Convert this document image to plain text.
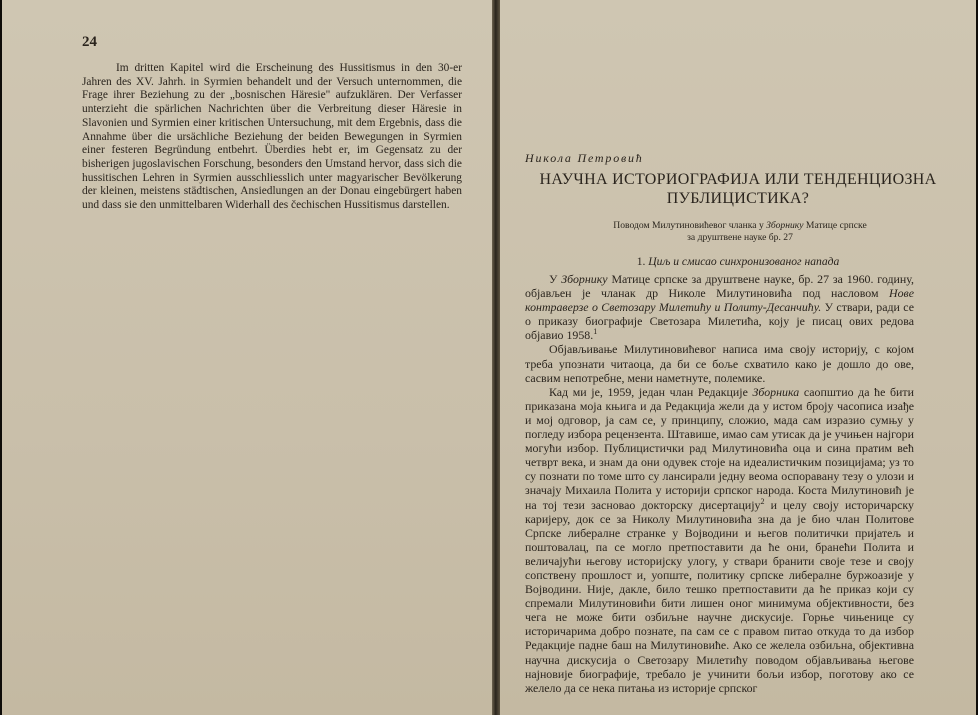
24

Im dritten Kapitel wird die Erscheinung des Hussitismus in den 30-er Jahren des XV. Jahrh. in Syrmien behandelt und der Versuch unternommen, die Frage ihrer Beziehung zu der „bosnischen Häresie" aufzuklären. Der Verfasser unterzieht die spärlichen Nachrichten über die Verbreitung dieser Häresie in Slavonien und Syrmien einer kritischen Untersuchung, mit dem Ergebnis, dass die Annahme über die ursächliche Beziehung der beiden Bewegungen in Syrmien einer festeren Begründung entbehrt. Überdies hebt er, im Gegensatz zu der bisherigen jugoslavischen Forschung, besonders den Umstand hervor, dass sich die hussitischen Lehren in Syrmien ausschliesslich unter magyarischer Bevölkerung der kleinen, meistens städtischen, Ansiedlungen an der Donau eingebürgert haben und dass sie den unmittelbaren Widerhall des čechischen Hussitismus darstellen.

Никола Петровић
НАУЧНА ИСТОРИОГРАФИЈА ИЛИ ТЕНДЕНЦИОЗНА
ПУБЛИЦИСТИКА?
Поводом Милутиновићевог чланка у Зборнику Матице српске
за друштвене науке бр. 27
1. Циљ и смисао синхронизованог напада

У Зборнику Матице српске за друштвене науке, бр. 27 за 1960. годину, објављен је чланак др Николе Милутиновића под насловом Нове контраверзе о Светозару Милетићу и Политу-Десанчићу. У ствари, ради се о приказу биографије Светозара Милетића, коју је писац ових редова објавио 1958.$^1$

Објављивање Милутиновићевог написа има своју историју, с којом треба упознати читаоца, да би се боље схватило како је дошло до ове, сасвим непотребне, мени наметнуте, полемике.

Кад ми је, 1959, један члан Редакције Зборника саопштио да ће бити приказана моја књига и да Редакција жели да у истом броју часописа изађе и мој одговор, ја сам се, у принципу, сложио, мада сам изразио сумњу у погледу избора рецензента. Штавише, имао сам утисак да је учињен најгори могући избор. Публицистички рад Милутиновића оца и сина пратим већ четврт века, и знам да они одувек стоје на идеалистичким позицијама; уз то су познати по томе што су лансирали једну веома оспоравану тезу о улози и значају Михаила Полита у историји српског народа. Коста Милутиновић је на тој тези засновао докторску дисертацију$^2$ и целу своју историчарску каријеру, док се за Николу Милутиновића зна да је био члан Политове Српске либералне странке у Војводини и његов политички пријатељ и поштовалац, па се могло претпоставити да ће они, бранећи Полита и величајући његову историјску улогу, у ствари бранити своје тезе и своју сопствену прошлост и, уопште, политику српске либералне буржоазије у Војводини. Није, дакле, било тешко претпоставити да ће приказ који су спремали Милутиновићи бити лишен оног минимума објективности, без чега не може бити озбиљне научне дискусије. Горње чињенице су историчарима добро познате, па сам се с правом питао откуда то да избор Редакције падне баш на Милутиновиће. Ако се желела озбиљна, објективна научна дискусија о Светозару Милетићу поводом објављивања његове најновије биографије, требало је учинити бољи избор, поготову ако се желело да се нека питања из историје српског
